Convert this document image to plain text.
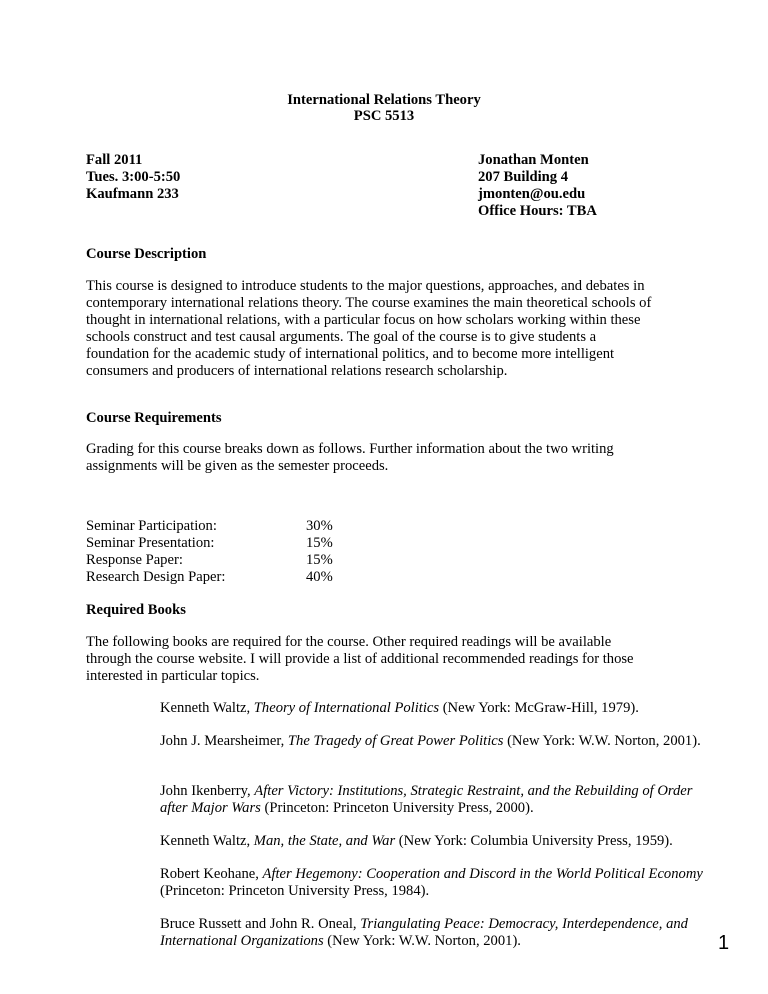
International Relations Theory
PSC 5513
Fall 2011
Tues. 3:00-5:50
Kaufmann 233
Jonathan Monten
207 Building 4
jmonten@ou.edu
Office Hours: TBA
Course Description
This course is designed to introduce students to the major questions, approaches, and debates in
contemporary international relations theory. The course examines the main theoretical schools of
thought in international relations, with a particular focus on how scholars working within these
schools construct and test causal arguments. The goal of the course is to give students a
foundation for the academic study of international politics, and to become more intelligent
consumers and producers of international relations research scholarship.
Course Requirements
Grading for this course breaks down as follows. Further information about the two writing
assignments will be given as the semester proceeds.
Seminar Participation:	30%
Seminar Presentation:	15%
Response Paper:	15%
Research Design Paper:	40%
Required Books
The following books are required for the course. Other required readings will be available
through the course website. I will provide a list of additional recommended readings for those
interested in particular topics.
Kenneth Waltz, Theory of International Politics (New York: McGraw-Hill, 1979).
John J. Mearsheimer, The Tragedy of Great Power Politics (New York: W.W. Norton, 2001).
John Ikenberry, After Victory: Institutions, Strategic Restraint, and the Rebuilding of Order after Major Wars (Princeton: Princeton University Press, 2000).
Kenneth Waltz, Man, the State, and War (New York: Columbia University Press, 1959).
Robert Keohane, After Hegemony: Cooperation and Discord in the World Political Economy (Princeton: Princeton University Press, 1984).
Bruce Russett and John R. Oneal, Triangulating Peace: Democracy, Interdependence, and International Organizations (New York: W.W. Norton, 2001).	1
